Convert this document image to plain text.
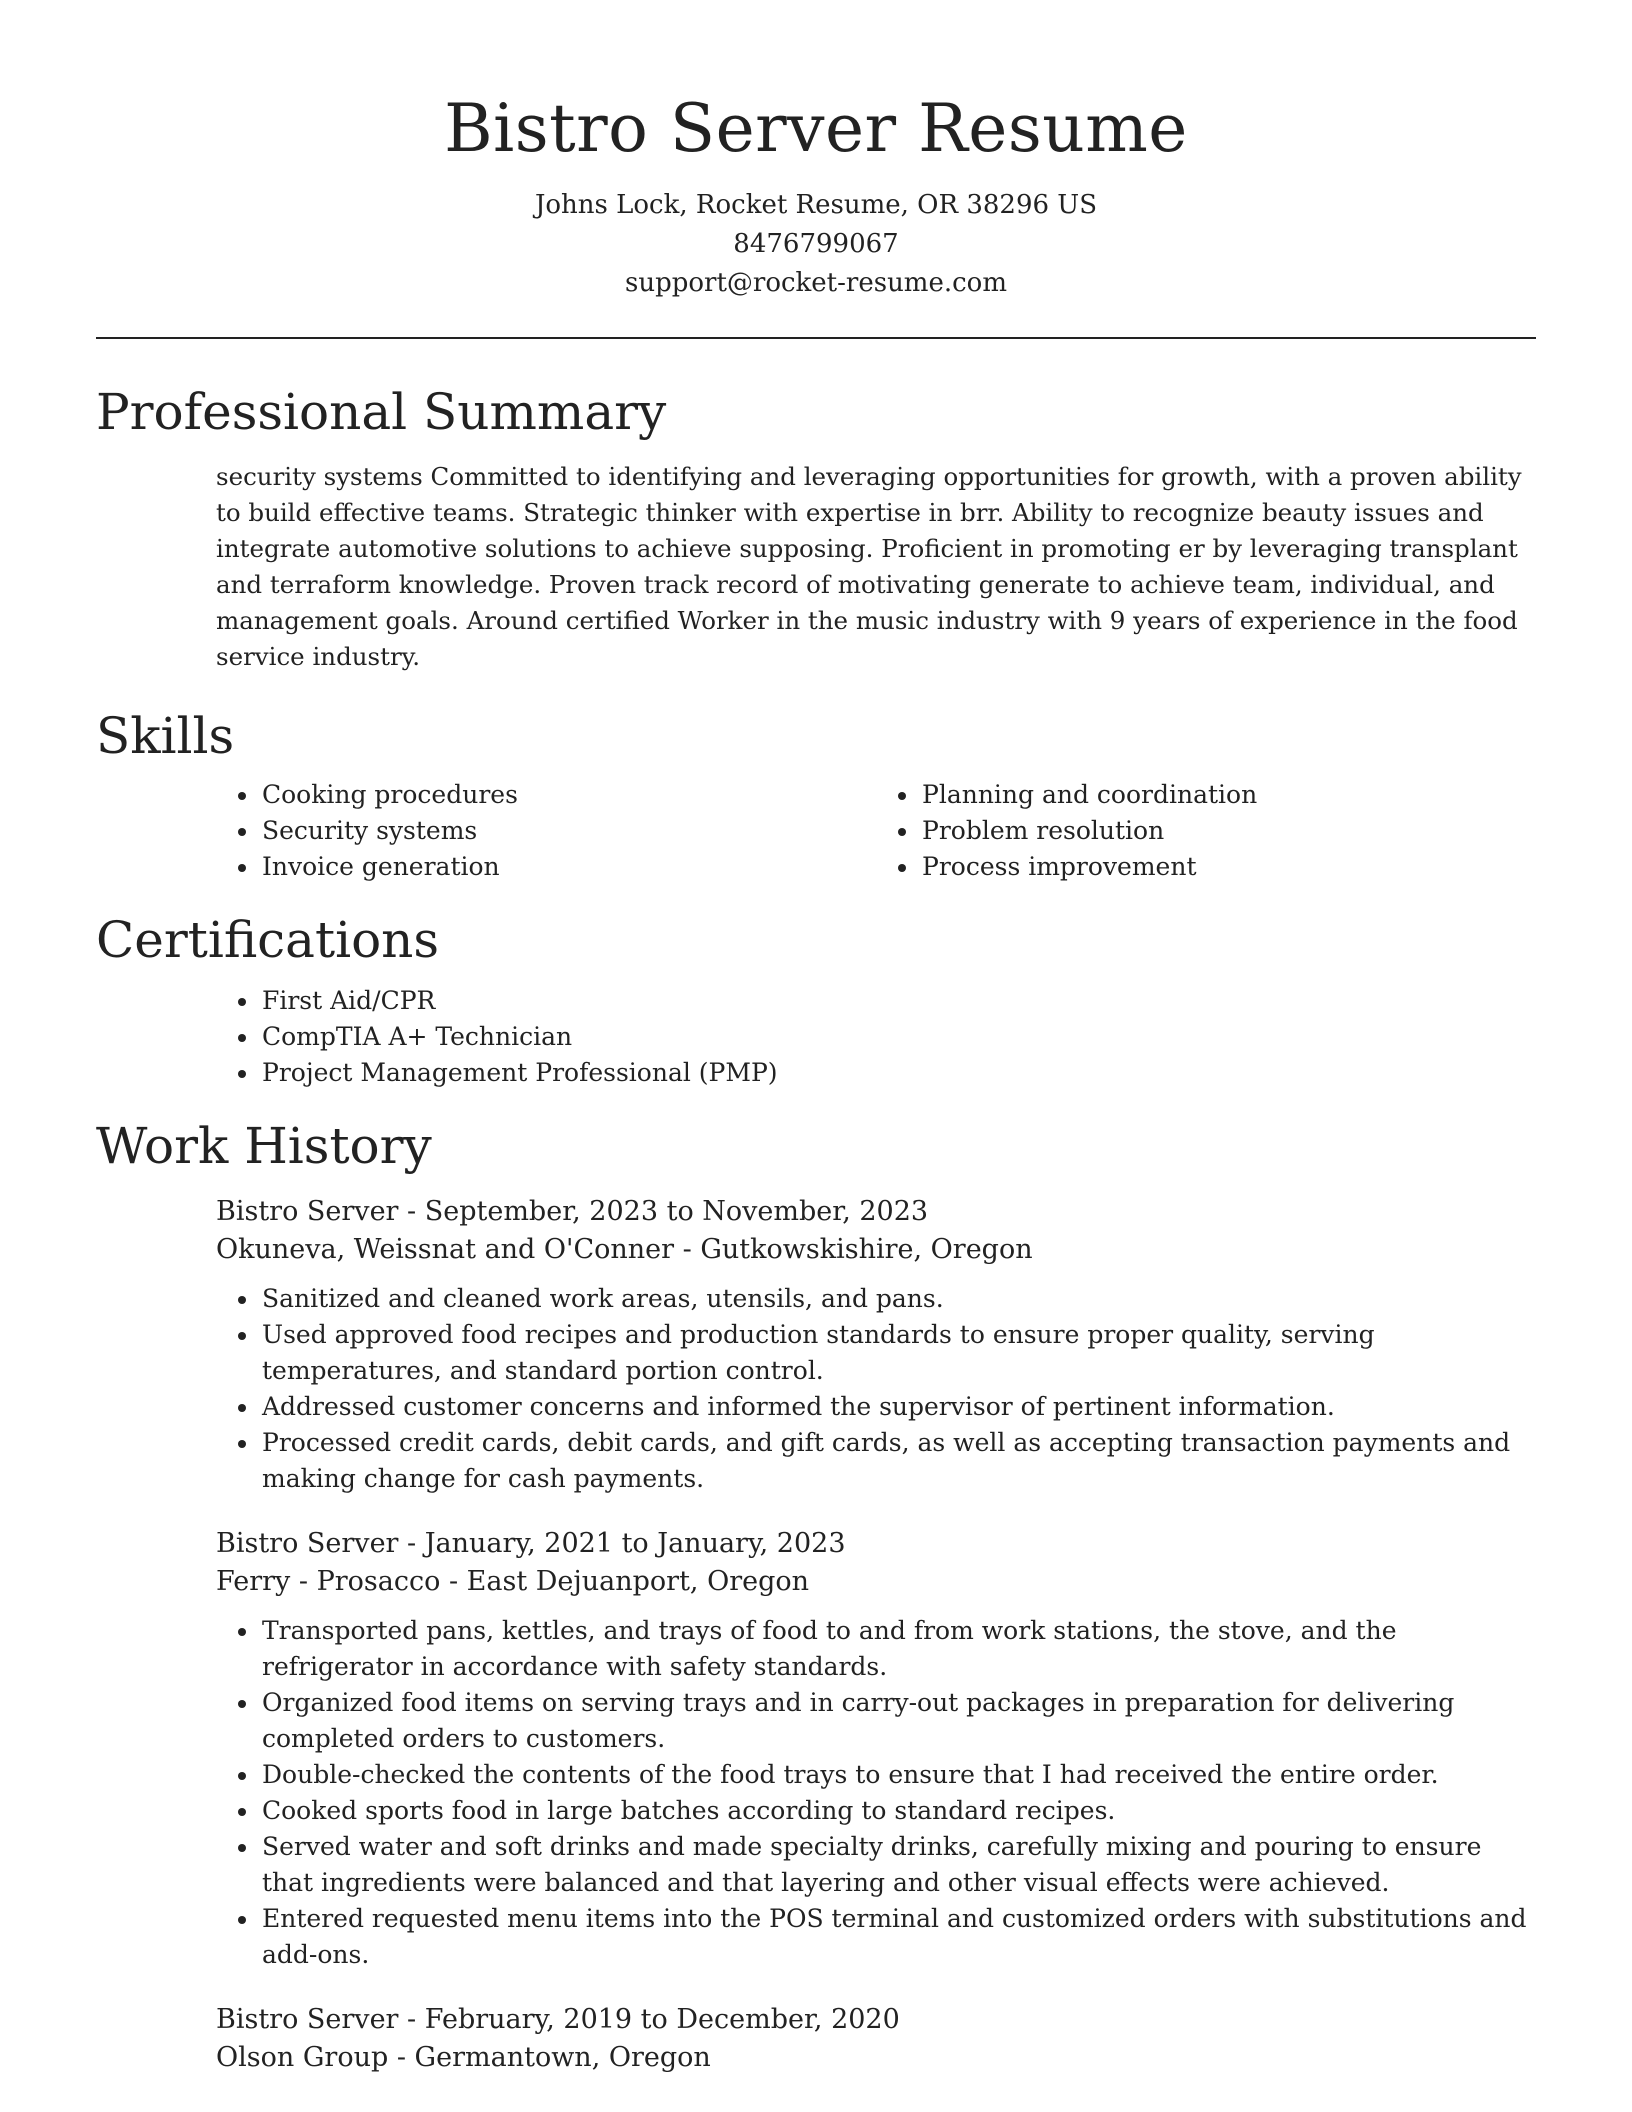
Bistro Server Resume
Johns Lock, Rocket Resume, OR 38296 US
8476799067
support@rocket-resume.com
Professional Summary

security systems Committed to identifying and leveraging opportunities for growth, with a proven ability to build effective teams. Strategic thinker with expertise in brr. Ability to recognize beauty issues and integrate automotive solutions to achieve supposing. Proficient in promoting er by leveraging transplant and terraform knowledge. Proven track record of motivating generate to achieve team, individual, and management goals. Around certified Worker in the music industry with 9 years of experience in the food service industry.

Skills
• Cooking procedures
• Security systems
• Invoice generation
• Planning and coordination
• Problem resolution
• Process improvement
Certifications
• First Aid/CPR
• CompTIA A+ Technician
• Project Management Professional (PMP)
Work History
Bistro Server - September, 2023 to November, 2023
Okuneva, Weissnat and O'Conner - Gutkowskishire, Oregon
• Sanitized and cleaned work areas, utensils, and pans.
• Used approved food recipes and production standards to ensure proper quality, serving temperatures, and standard portion control.
• Addressed customer concerns and informed the supervisor of pertinent information.
• Processed credit cards, debit cards, and gift cards, as well as accepting transaction payments and making change for cash payments.
Bistro Server - January, 2021 to January, 2023
Ferry - Prosacco - East Dejuanport, Oregon
• Transported pans, kettles, and trays of food to and from work stations, the stove, and the refrigerator in accordance with safety standards.
• Organized food items on serving trays and in carry-out packages in preparation for delivering completed orders to customers.
• Double-checked the contents of the food trays to ensure that I had received the entire order.
• Cooked sports food in large batches according to standard recipes.
• Served water and soft drinks and made specialty drinks, carefully mixing and pouring to ensure that ingredients were balanced and that layering and other visual effects were achieved.
• Entered requested menu items into the POS terminal and customized orders with substitutions and add-ons.
Bistro Server - February, 2019 to December, 2020
Olson Group - Germantown, Oregon
